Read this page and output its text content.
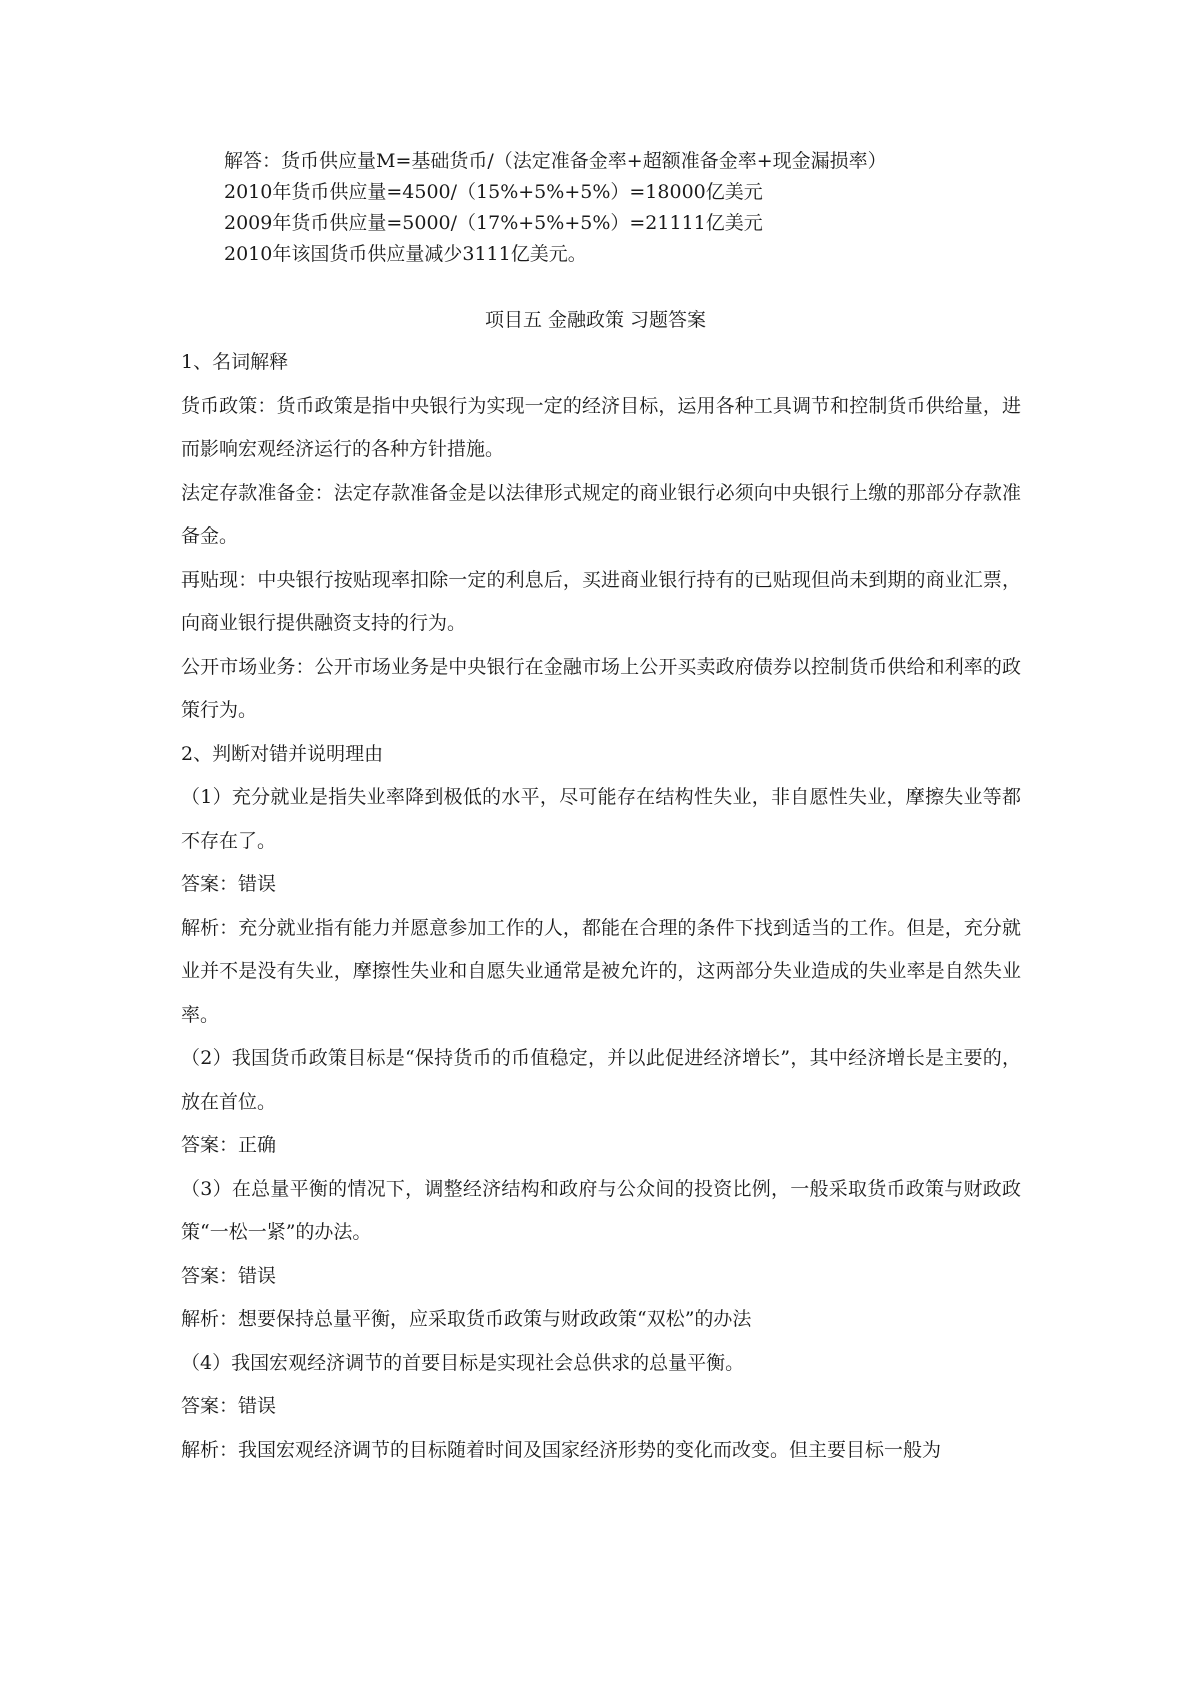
解答：货币供应量M=基础货币/（法定准备金率+超额准备金率+现金漏损率）

2010年货币供应量=4500/（15%+5%+5%）=18000亿美元

2009年货币供应量=5000/（17%+5%+5%）=21111亿美元

2010年该国货币供应量减少3111亿美元。

项目五 金融政策 习题答案

1、名词解释

货币政策：货币政策是指中央银行为实现一定的经济目标，运用各种工具调节和控制货币供给量，进而影响宏观经济运行的各种方针措施。

法定存款准备金：法定存款准备金是以法律形式规定的商业银行必须向中央银行上缴的那部分存款准备金。

再贴现：中央银行按贴现率扣除一定的利息后，买进商业银行持有的已贴现但尚未到期的商业汇票，向商业银行提供融资支持的行为。

公开市场业务：公开市场业务是中央银行在金融市场上公开买卖政府债券以控制货币供给和利率的政策行为。

2、判断对错并说明理由

（1）充分就业是指失业率降到极低的水平，尽可能存在结构性失业，非自愿性失业，摩擦失业等都不存在了。

答案：错误

解析：充分就业指有能力并愿意参加工作的人，都能在合理的条件下找到适当的工作。但是，充分就业并不是没有失业，摩擦性失业和自愿失业通常是被允许的，这两部分失业造成的失业率是自然失业率。

（2）我国货币政策目标是“保持货币的币值稳定，并以此促进经济增长”，其中经济增长是主要的，放在首位。

答案：正确

（3）在总量平衡的情况下，调整经济结构和政府与公众间的投资比例，一般采取货币政策与财政政策“一松一紧”的办法。

答案：错误

解析：想要保持总量平衡，应采取货币政策与财政政策“双松”的办法

（4）我国宏观经济调节的首要目标是实现社会总供求的总量平衡。

答案：错误

解析：我国宏观经济调节的目标随着时间及国家经济形势的变化而改变。但主要目标一般为
